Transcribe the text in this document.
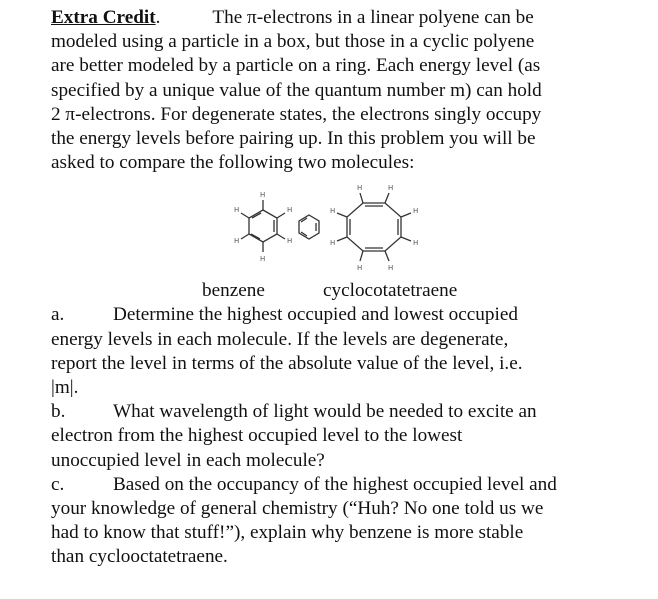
Extra Credit.	The π-electrons in a linear polyene can be
modeled using a particle in a box, but those in a cyclic polyene
are better modeled by a particle on a ring. Each energy level (as
specified by a unique value of the quantum number m) can hold
2 π-electrons. For degenerate states, the electrons singly occupy
the energy levels before pairing up. In this problem you will be
asked to compare the following two molecules:
H
H
H
H
H
H
H	H
H
H
H
H
H
H
benzene	cyclocotatetraene
a.	Determine the highest occupied and lowest occupied
energy levels in each molecule. If the levels are degenerate,
report the level in terms of the absolute value of the level, i.e.
|m|.
b. What wavelength of light would be needed to excite an
electron from the highest occupied level to the lowest
unoccupied level in each molecule?
c.	Based on the occupancy of the highest occupied level and
your knowledge of general chemistry (“Huh? No one told us we
had to know that stuff!”), explain why benzene is more stable
than cyclooctatetraene.
